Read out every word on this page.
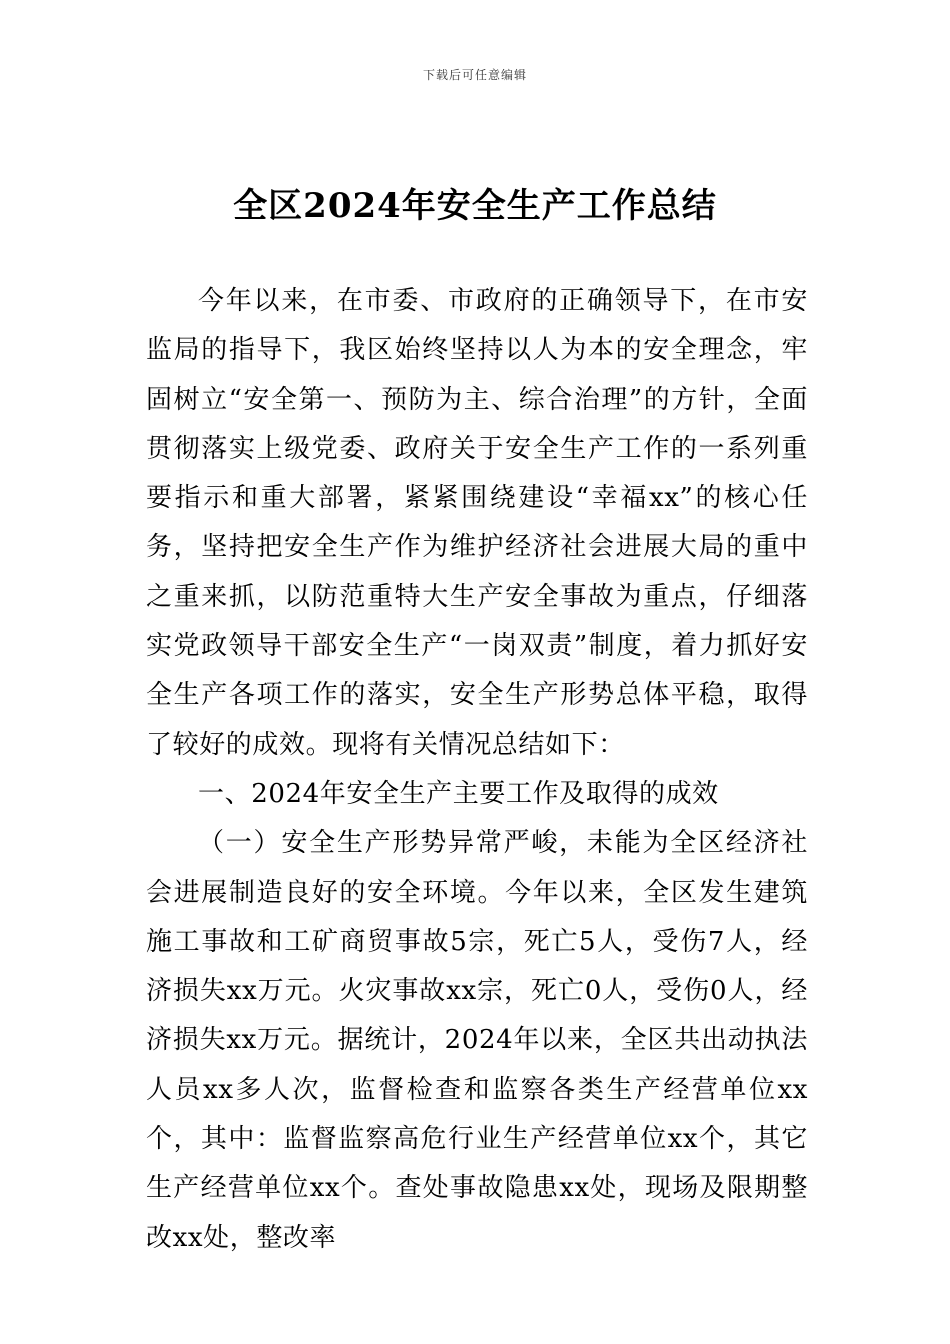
下载后可任意编辑
全区2024年安全生产工作总结

今年以来，在市委、市政府的正确领导下，在市安监局的指导下，我区始终坚持以人为本的安全理念，牢固树立“安全第一、预防为主、综合治理”的方针，全面贯彻落实上级党委、政府关于安全生产工作的一系列重要指示和重大部署，紧紧围绕建设“幸福xx”的核心任务，坚持把安全生产作为维护经济社会进展大局的重中之重来抓，以防范重特大生产安全事故为重点，仔细落实党政领导干部安全生产“一岗双责”制度，着力抓好安全生产各项工作的落实，安全生产形势总体平稳，取得了较好的成效。现将有关情况总结如下：

一、2024年安全生产主要工作及取得的成效

（一）安全生产形势异常严峻，未能为全区经济社会进展制造良好的安全环境。今年以来，全区发生建筑施工事故和工矿商贸事故5宗，死亡5人，受伤7人，经济损失xx万元。火灾事故xx宗，死亡0人，受伤0人，经济损失xx万元。据统计，2024年以来，全区共出动执法人员xx多人次，监督检查和监察各类生产经营单位xx个，其中：监督监察高危行业生产经营单位xx个，其它生产经营单位xx个。查处事故隐患xx处，现场及限期整改xx处，整改率
